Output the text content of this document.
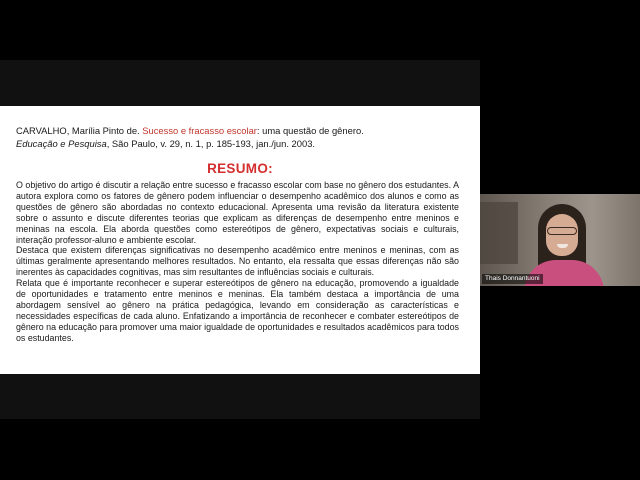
CARVALHO, Marília Pinto de. Sucesso e fracasso escolar: uma questão de gênero.
Educação e Pesquisa, São Paulo, v. 29, n. 1, p. 185-193, jan./jun. 2003.
RESUMO:

O objetivo do artigo é discutir a relação entre sucesso e fracasso escolar com base no gênero dos estudantes. A autora explora como os fatores de gênero podem influenciar o desempenho acadêmico dos alunos e como as questões de gênero são abordadas no contexto educacional. Apresenta uma revisão da literatura existente sobre o assunto e discute diferentes teorias que explicam as diferenças de desempenho entre meninos e meninas na escola. Ela aborda questões como estereótipos de gênero, expectativas sociais e culturais, interação professor-aluno e ambiente escolar.

Destaca que existem diferenças significativas no desempenho acadêmico entre meninos e meninas, com as últimas geralmente apresentando melhores resultados. No entanto, ela ressalta que essas diferenças não são inerentes às capacidades cognitivas, mas sim resultantes de influências sociais e culturais.

Relata que é importante reconhecer e superar estereótipos de gênero na educação, promovendo a igualdade de oportunidades e tratamento entre meninos e meninas. Ela também destaca a importância de uma abordagem sensível ao gênero na prática pedagógica, levando em consideração as características e necessidades específicas de cada aluno. Enfatizando a importância de reconhecer e combater estereótipos de gênero na educação para promover uma maior igualdade de oportunidades e resultados acadêmicos para todos os estudantes.

Thais Donnantuoni
